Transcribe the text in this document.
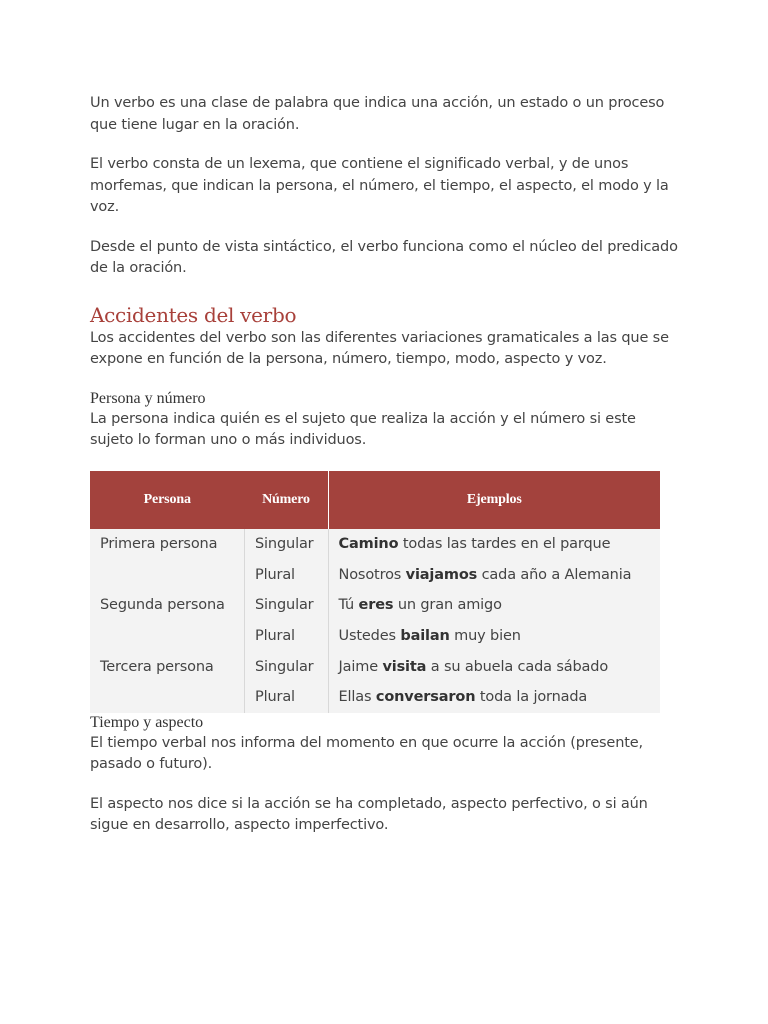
Un verbo es una clase de palabra que indica una acción, un estado o un proceso que tiene lugar en la oración.

El verbo consta de un lexema, que contiene el significado verbal, y de unos morfemas, que indican la persona, el número, el tiempo, el aspecto, el modo y la voz.

Desde el punto de vista sintáctico, el verbo funciona como el núcleo del predicado de la oración.

Accidentes del verbo

Los accidentes del verbo son las diferentes variaciones gramaticales a las que se expone en función de la persona, número, tiempo, modo, aspecto y voz.

Persona y número

La persona indica quién es el sujeto que realiza la acción y el número si este sujeto lo forman uno o más individuos.

Persona	Número	Ejemplos
Primera persona	Singular	Camino todas las tardes en el parque
	Plural	Nosotros viajamos cada año a Alemania
Segunda persona	Singular	Tú eres un gran amigo
	Plural	Ustedes bailan muy bien
Tercera persona	Singular	Jaime visita a su abuela cada sábado
	Plural	Ellas conversaron toda la jornada
Tiempo y aspecto

El tiempo verbal nos informa del momento en que ocurre la acción (presente, pasado o futuro).

El aspecto nos dice si la acción se ha completado, aspecto perfectivo, o si aún sigue en desarrollo, aspecto imperfectivo.
